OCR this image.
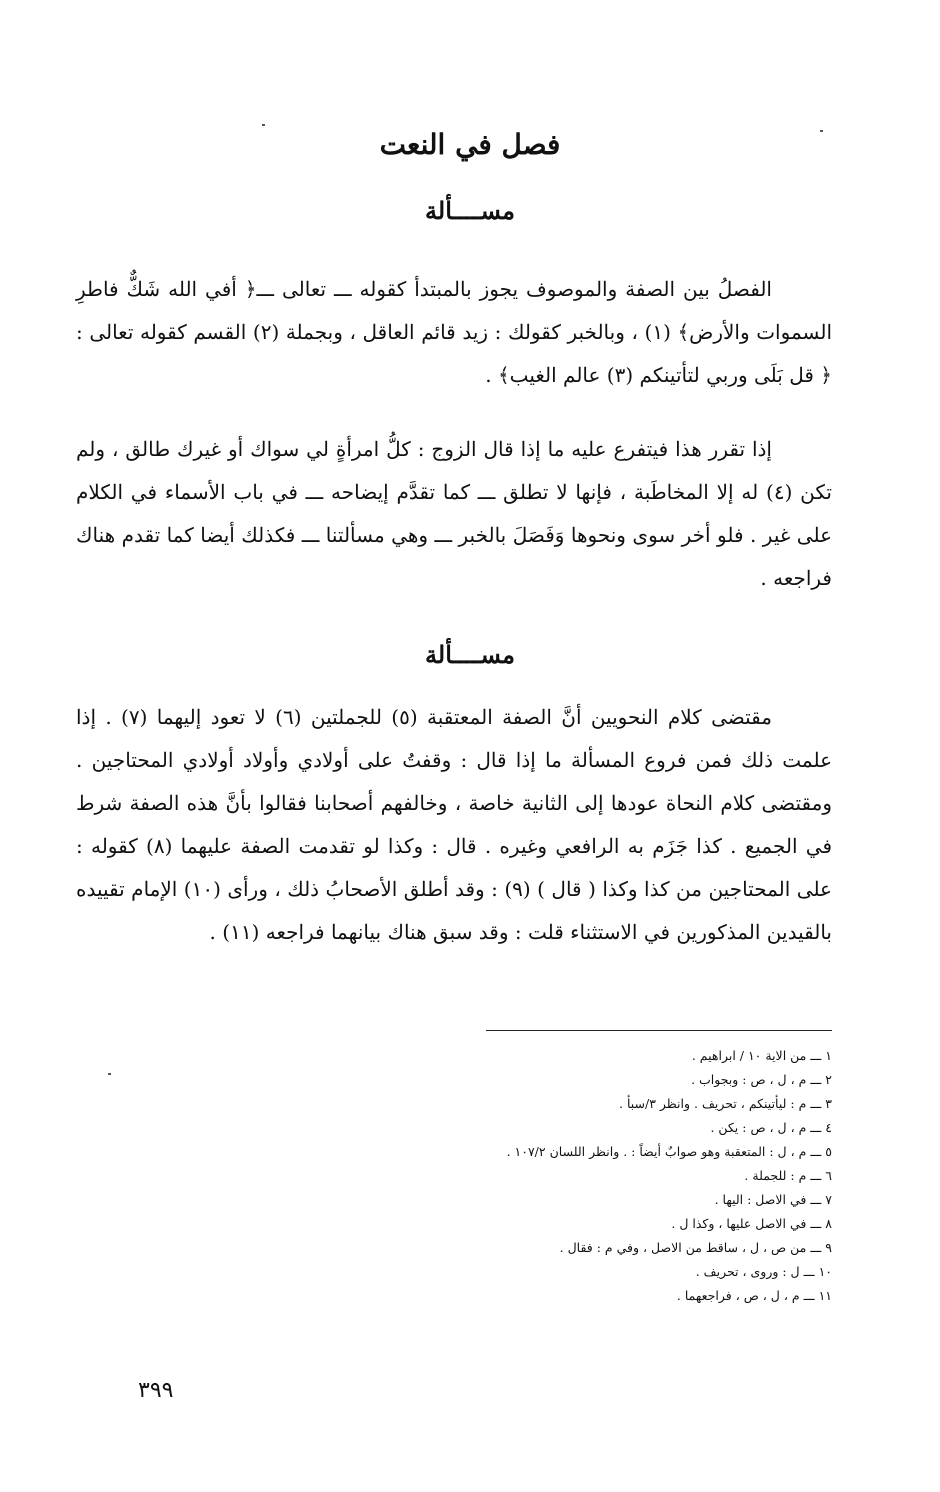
فصل في النعت
مســــألة
الفصلُ بين الصفة والموصوف يجوز بالمبتدأ كقوله ـــ تعالى ـــ﴿ أفي الله شَكٌّ فاطرِ السموات والأرض﴾ (١) ، وبالخبر كقولك : زيد قائم العاقل ، وبجملة (٢) القسم كقوله تعالى :﴿ قل بَلَى وربي لتأتينكم (٣) عالم الغيب﴾ .
إذا تقرر هذا فيتفرع عليه ما إذا قال الزوج : كلُّ امرأةٍ لي سواك أو غيرك طالق ، ولم تكن (٤) له إلا المخاطَبة ، فإنها لا تطلق ـــ كما تقدَّم إيضاحه ـــ في باب الأسماء في الكلام على غير . فلو أخر سوى ونحوها وَفَصَلَ بالخبر ـــ وهي مسألتنا ـــ فكذلك أيضا كما تقدم هناك فراجعه .
مســــألة
مقتضى كلام النحويين أنَّ الصفة المعتقبة (٥) للجملتين (٦) لا تعود إليهما (٧) . إذا علمت ذلك فمن فروع المسألة ما إذا قال : وقفتُ على أولادي وأولاد أولادي المحتاجين . ومقتضى كلام النحاة عودها إلى الثانية خاصة ، وخالفهم أصحابنا فقالوا بأنَّ هذه الصفة شرط في الجميع . كذا جَزَم به الرافعي وغيره . قال : وكذا لو تقدمت الصفة عليهما (٨) كقوله : على المحتاجين من كذا وكذا ( قال ) (٩) : وقد أطلق الأصحابُ ذلك ، ورأى (١٠) الإمام تقييده بالقيدين المذكورين في الاستثناء قلت : وقد سبق هناك بيانهما فراجعه (١١) .
١ ـــ من الاية ١٠ / ابراهيم .
٢ ـــ م ، ل ، ص : وبجواب .
٣ ـــ م : ليأتينكم ، تحريف . وانظر ٣/سبأ .
٤ ـــ م ، ل ، ص : يكن .
٥ ـــ م ، ل : المتعقبة وهو صوابٌ أيضاً : . وانظر اللسان ١٠٧/٢ .
٦ ـــ م : للجملة .
٧ ـــ في الاصل : اليها .
٨ ـــ في الاصل عليها ، وكذا ل .
٩ ـــ من ص ، ل ، ساقط من الاصل ، وفي م : فقال .
١٠ ـــ ل : وروى ، تحريف .
١١ ـــ م ، ل ، ص ، فراجعهما .
٣٩٩
